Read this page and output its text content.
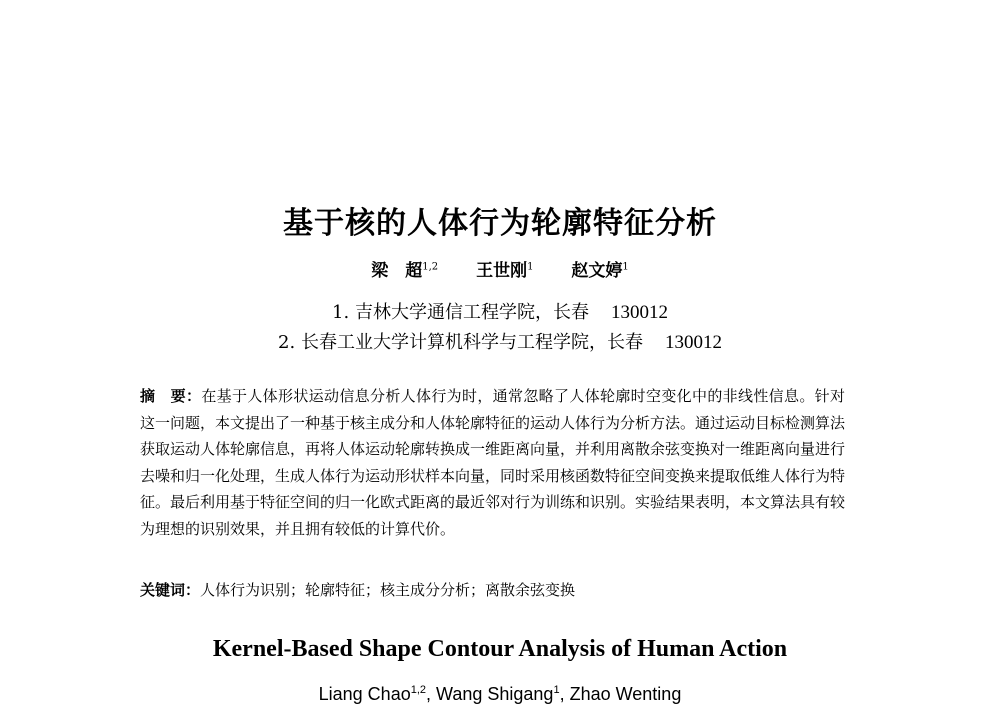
基于核的人体行为轮廓特征分析
梁　超$^{1,2}$ 王世刚$^1$ 赵文婷$^1$
1. 吉林大学通信工程学院，长春 130012
2. 长春工业大学计算机科学与工程学院，长春 130012
摘　要：在基于人体形状运动信息分析人体行为时，通常忽略了人体轮廓时空变化中的非线性信息。针对这一问题，本文提出了一种基于核主成分和人体轮廓特征的运动人体行为分析方法。通过运动目标检测算法获取运动人体轮廓信息，再将人体运动轮廓转换成一维距离向量，并利用离散余弦变换对一维距离向量进行去噪和归一化处理，生成人体行为运动形状样本向量，同时采用核函数特征空间变换来提取低维人体行为特征。最后利用基于特征空间的归一化欧式距离的最近邻对行为训练和识别。实验结果表明，本文算法具有较为理想的识别效果，并且拥有较低的计算代价。
关键词：人体行为识别；轮廓特征；核主成分分析；离散余弦变换
Kernel-Based Shape Contour Analysis of Human Action
Liang Chao$^{1,2}$, Wang Shigang$^1$, Zhao Wenting
